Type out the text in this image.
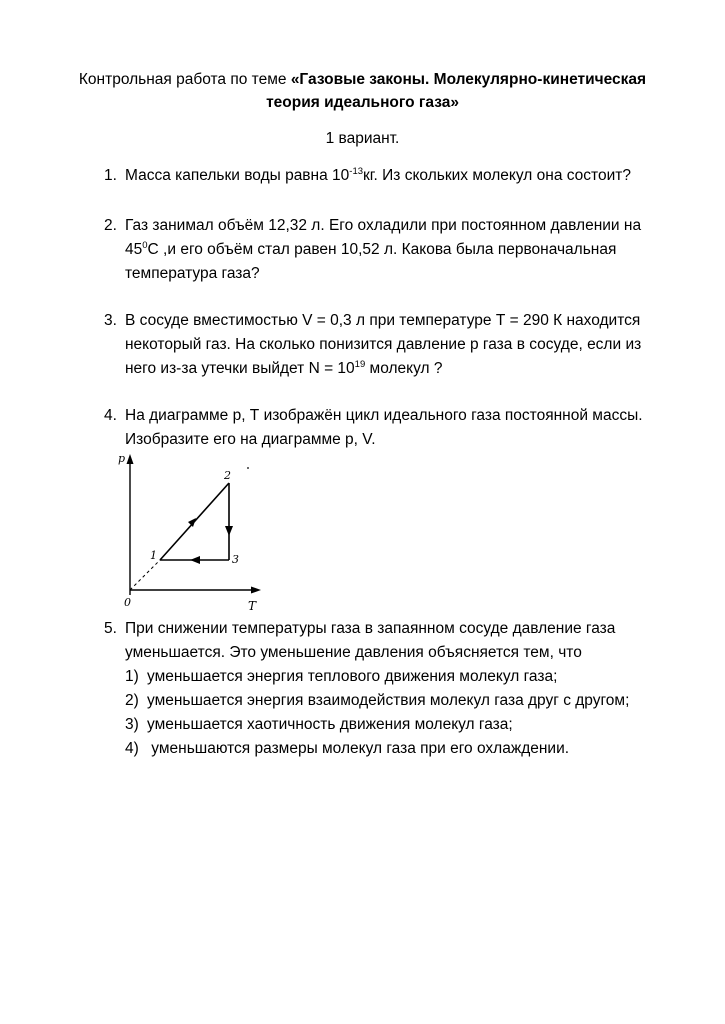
Контрольная работа по теме «Газовые законы. Молекулярно-кинетическая
теория идеального газа»
1 вариант.
1. Масса капельки воды равна $10^{-13}кг$. Из скольких молекул она состоит?
2. Газ занимал объём 12,32 л. Его охладили при постоянном давлении на
$45^0С$ ,и его объём стал равен 10,52 л. Какова была первоначальная
температура газа?
3. В сосуде вместимостью V = 0,3 л при температуре Т = 290 К находится
некоторый газ. На сколько понизится давление р газа в сосуде, если из
него из-за утечки выйдет $N = 10^{19}$ молекул ?
4. На диаграмме р, Т изображён цикл идеального газа постоянной массы.
Изобразите его на диаграмме р, V.
p
T
0
1
2
3
5. При снижении температуры газа в запаянном сосуде давление газа
уменьшается. Это уменьшение давления объясняется тем, что
1) уменьшается энергия теплового движения молекул газа;
2) уменьшается энергия взаимодействия молекул газа друг с другом;
3) уменьшается хаотичность движения молекул газа;
4) уменьшаются размеры молекул газа при его охлаждении.
